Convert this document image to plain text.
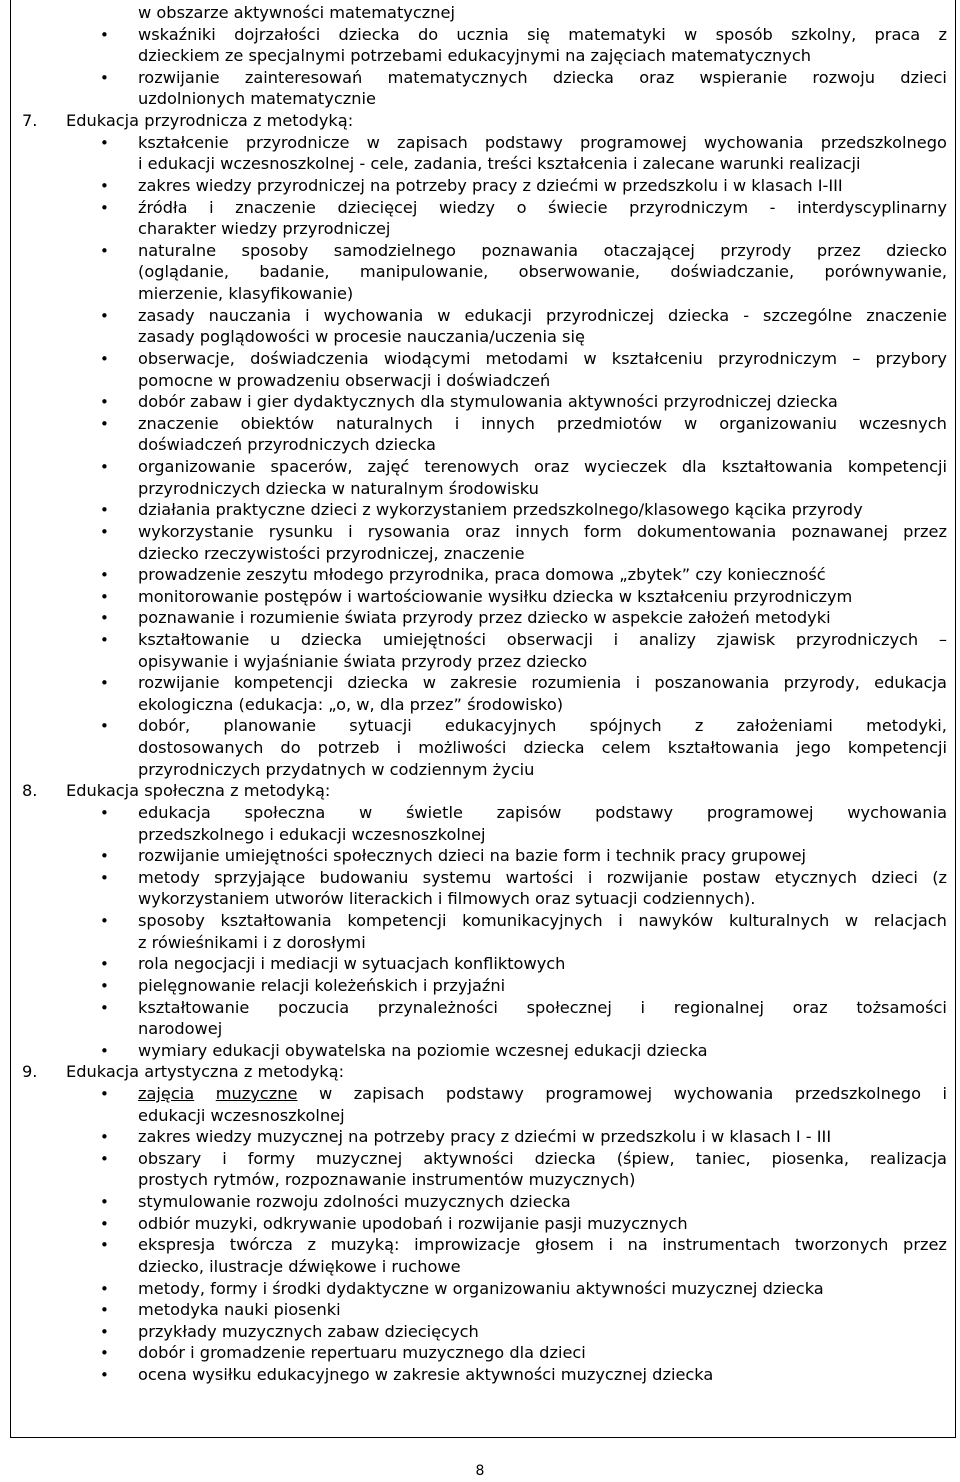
w obszarze aktywności matematycznej
• wskaźniki dojrzałości dziecka do ucznia się matematyki w sposób szkolny, praca z
dzieckiem ze specjalnymi potrzebami edukacyjnymi na zajęciach matematycznych
• rozwijanie zainteresowań matematycznych dziecka oraz wspieranie rozwoju dzieci
uzdolnionych matematycznie
7. Edukacja przyrodnicza z metodyką:
• kształcenie przyrodnicze w zapisach podstawy programowej wychowania przedszkolnego
i edukacji wczesnoszkolnej - cele, zadania, treści kształcenia i zalecane warunki realizacji
• zakres wiedzy przyrodniczej na potrzeby pracy z dziećmi w przedszkolu i w klasach I-III
• źródła i znaczenie dziecięcej wiedzy o świecie przyrodniczym - interdyscyplinarny
charakter wiedzy przyrodniczej
• naturalne sposoby samodzielnego poznawania otaczającej przyrody przez dziecko
(oglądanie, badanie, manipulowanie, obserwowanie, doświadczanie, porównywanie,
mierzenie, klasyfikowanie)
• zasady nauczania i wychowania w edukacji przyrodniczej dziecka - szczególne znaczenie
zasady poglądowości w procesie nauczania/uczenia się
• obserwacje, doświadczenia wiodącymi metodami w kształceniu przyrodniczym – przybory
pomocne w prowadzeniu obserwacji i doświadczeń
• dobór zabaw i gier dydaktycznych dla stymulowania aktywności przyrodniczej dziecka
• znaczenie obiektów naturalnych i innych przedmiotów w organizowaniu wczesnych
doświadczeń przyrodniczych dziecka
• organizowanie spacerów, zajęć terenowych oraz wycieczek dla kształtowania kompetencji
przyrodniczych dziecka w naturalnym środowisku
• działania praktyczne dzieci z wykorzystaniem przedszkolnego/klasowego kącika przyrody
• wykorzystanie rysunku i rysowania oraz innych form dokumentowania poznawanej przez
dziecko rzeczywistości przyrodniczej, znaczenie
• prowadzenie zeszytu młodego przyrodnika, praca domowa „zbytek” czy konieczność
• monitorowanie postępów i wartościowanie wysiłku dziecka w kształceniu przyrodniczym
• poznawanie i rozumienie świata przyrody przez dziecko w aspekcie założeń metodyki
• kształtowanie u dziecka umiejętności obserwacji i analizy zjawisk przyrodniczych –
opisywanie i wyjaśnianie świata przyrody przez dziecko
• rozwijanie kompetencji dziecka w zakresie rozumienia i poszanowania przyrody, edukacja
ekologiczna (edukacja: „o, w, dla przez” środowisko)
• dobór, planowanie sytuacji edukacyjnych spójnych z założeniami metodyki,
dostosowanych do potrzeb i możliwości dziecka celem kształtowania jego kompetencji
przyrodniczych przydatnych w codziennym życiu
8. Edukacja społeczna z metodyką:
• edukacja społeczna w świetle zapisów podstawy programowej wychowania
przedszkolnego i edukacji wczesnoszkolnej
• rozwijanie umiejętności społecznych dzieci na bazie form i technik pracy grupowej
• metody sprzyjające budowaniu systemu wartości i rozwijanie postaw etycznych dzieci (z
wykorzystaniem utworów literackich i filmowych oraz sytuacji codziennych).
• sposoby kształtowania kompetencji komunikacyjnych i nawyków kulturalnych w relacjach
z rówieśnikami i z dorosłymi
• rola negocjacji i mediacji w sytuacjach konfliktowych
• pielęgnowanie relacji koleżeńskich i przyjaźni
• kształtowanie poczucia przynależności społecznej i regionalnej oraz tożsamości
narodowej
• wymiary edukacji obywatelska na poziomie wczesnej edukacji dziecka
9. Edukacja artystyczna z metodyką:
• zajęcia muzyczne w zapisach podstawy programowej wychowania przedszkolnego i
edukacji wczesnoszkolnej
• zakres wiedzy muzycznej na potrzeby pracy z dziećmi w przedszkolu i w klasach I - III
• obszary i formy muzycznej aktywności dziecka (śpiew, taniec, piosenka, realizacja
prostych rytmów, rozpoznawanie instrumentów muzycznych)
• stymulowanie rozwoju zdolności muzycznych dziecka
• odbiór muzyki, odkrywanie upodobań i rozwijanie pasji muzycznych
• ekspresja twórcza z muzyką: improwizacje głosem i na instrumentach tworzonych przez
dziecko, ilustracje dźwiękowe i ruchowe
• metody, formy i środki dydaktyczne w organizowaniu aktywności muzycznej dziecka
• metodyka nauki piosenki
• przykłady muzycznych zabaw dziecięcych
• dobór i gromadzenie repertuaru muzycznego dla dzieci
• ocena wysiłku edukacyjnego w zakresie aktywności muzycznej dziecka
8
